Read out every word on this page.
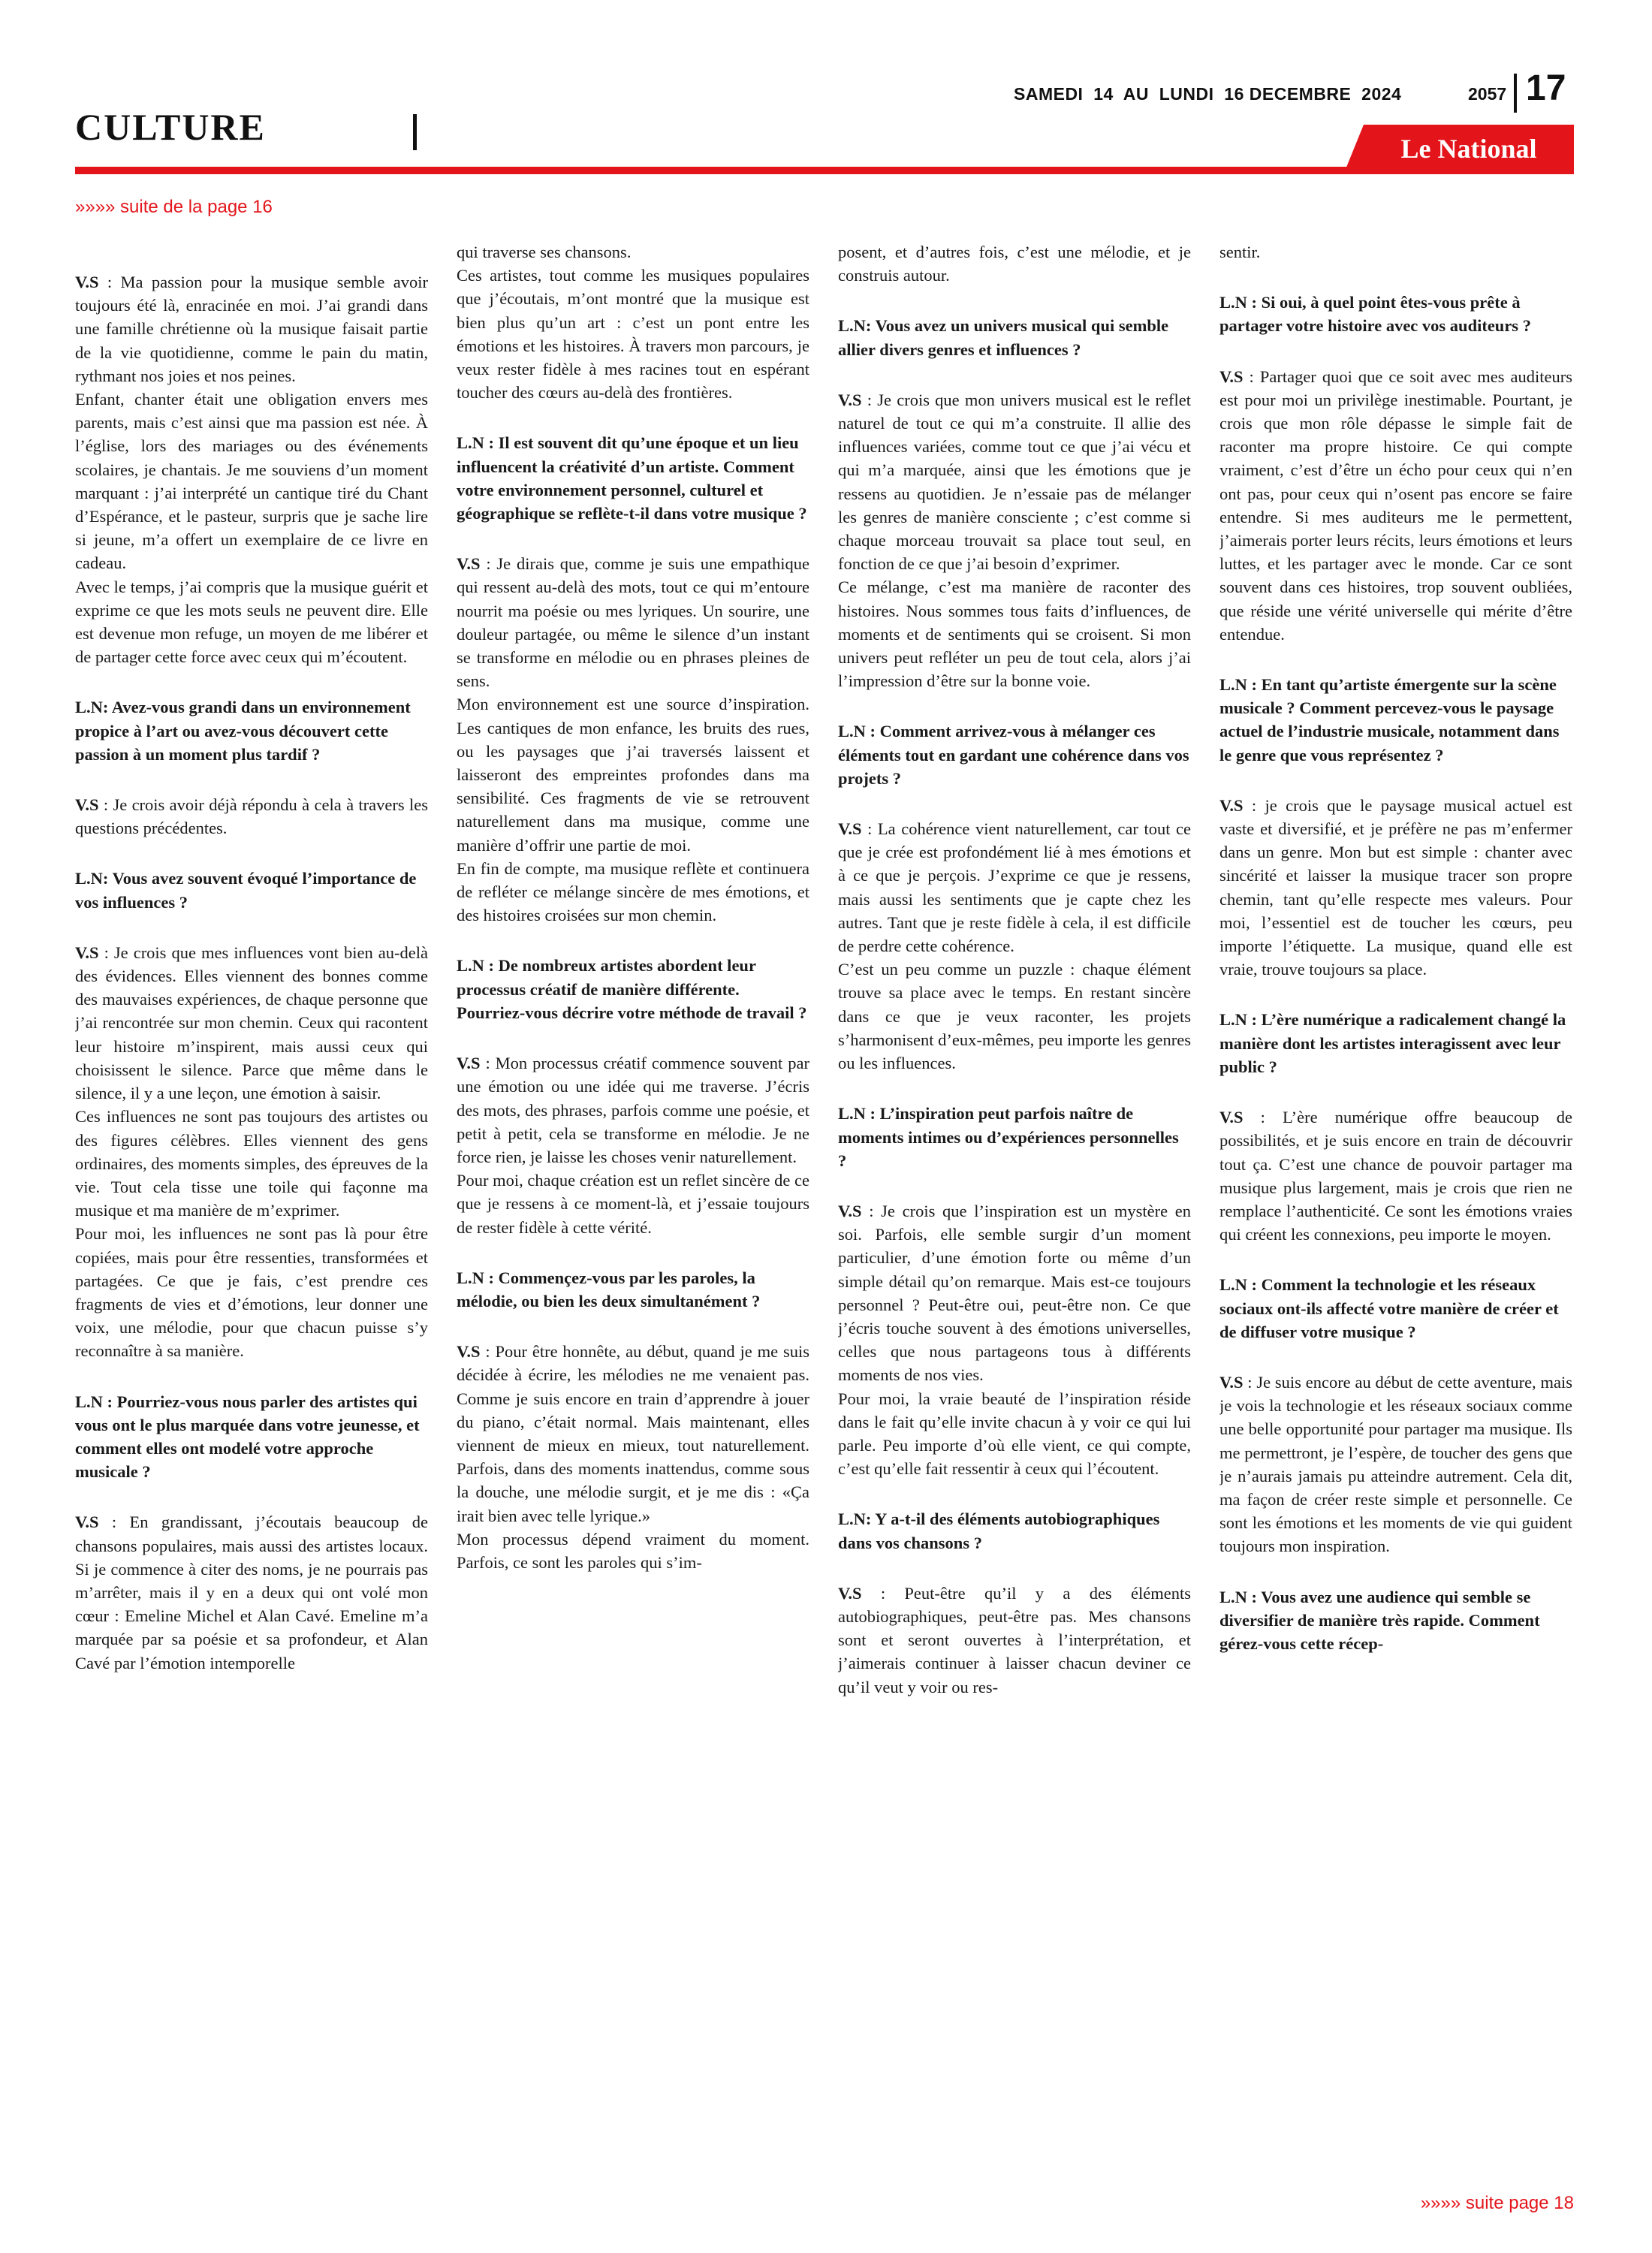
CULTURE
SAMEDI  14  AU  LUNDI  16 DECEMBRE  2024	2057 17
Le National
»»»» suite de la page 16

V.S : Ma passion pour la musique semble avoir toujours été là, enracinée en moi. J’ai grandi dans une famille chrétienne où la musique faisait partie de la vie quotidienne, comme le pain du matin, rythmant nos joies et nos peines.

Enfant, chanter était une obligation envers mes parents, mais c’est ainsi que ma passion est née. À l’église, lors des mariages ou des événements scolaires, je chantais. Je me souviens d’un moment marquant : j’ai interprété un cantique tiré du Chant d’Espérance, et le pasteur, surpris que je sache lire si jeune, m’a offert un exemplaire de ce livre en cadeau.

Avec le temps, j’ai compris que la musique guérit et exprime ce que les mots seuls ne peuvent dire. Elle est devenue mon refuge, un moyen de me libérer et de partager cette force avec ceux qui m’écoutent.

L.N: Avez-vous grandi dans un environnement propice à l’art ou avez-vous découvert cette passion à un moment plus tardif ?

V.S : Je crois avoir déjà répondu à cela à travers les questions précédentes.

L.N: Vous avez souvent évoqué l’importance de vos influences ?

V.S : Je crois que mes influences vont bien au-delà des évidences. Elles viennent des bonnes comme des mauvaises expériences, de chaque personne que j’ai rencontrée sur mon chemin. Ceux qui racontent leur histoire m’inspirent, mais aussi ceux qui choisissent le silence. Parce que même dans le silence, il y a une leçon, une émotion à saisir.

Ces influences ne sont pas toujours des artistes ou des figures célèbres. Elles viennent des gens ordinaires, des moments simples, des épreuves de la vie. Tout cela tisse une toile qui façonne ma musique et ma manière de m’exprimer.

Pour moi, les influences ne sont pas là pour être copiées, mais pour être ressenties, transformées et partagées. Ce que je fais, c’est prendre ces fragments de vies et d’émotions, leur donner une voix, une mélodie, pour que chacun puisse s’y reconnaître à sa manière.

L.N : Pourriez-vous nous parler des artistes qui vous ont le plus marquée dans votre jeunesse, et comment elles ont modelé votre approche musicale ?

V.S : En grandissant, j’écoutais beaucoup de chansons populaires, mais aussi des artistes locaux. Si je commence à citer des noms, je ne pourrais pas m’arrêter, mais il y en a deux qui ont volé mon cœur : Emeline Michel et Alan Cavé. Emeline m’a marquée par sa poésie et sa profondeur, et Alan Cavé par l’émotion intemporelle

qui traverse ses chansons.

Ces artistes, tout comme les musiques populaires que j’écoutais, m’ont montré que la musique est bien plus qu’un art : c’est un pont entre les émotions et les histoires. À travers mon parcours, je veux rester fidèle à mes racines tout en espérant toucher des cœurs au-delà des frontières.

L.N : Il est souvent dit qu’une époque et un lieu influencent la créativité d’un artiste. Comment votre environnement personnel, culturel et géographique se reflète-t-il dans votre musique ?

V.S : Je dirais que, comme je suis une empathique qui ressent au-delà des mots, tout ce qui m’entoure nourrit ma poésie ou mes lyriques. Un sourire, une douleur partagée, ou même le silence d’un instant se transforme en mélodie ou en phrases pleines de sens.

Mon environnement est une source d’inspiration. Les cantiques de mon enfance, les bruits des rues, ou les paysages que j’ai traversés laissent et laisseront des empreintes profondes dans ma sensibilité. Ces fragments de vie se retrouvent naturellement dans ma musique, comme une manière d’offrir une partie de moi.

En fin de compte, ma musique reflète et continuera de refléter ce mélange sincère de mes émotions, et des histoires croisées sur mon chemin.

L.N : De nombreux artistes abordent leur processus créatif de manière différente. Pourriez-vous décrire votre méthode de travail ?

V.S : Mon processus créatif commence souvent par une émotion ou une idée qui me traverse. J’écris des mots, des phrases, parfois comme une poésie, et petit à petit, cela se transforme en mélodie. Je ne force rien, je laisse les choses venir naturellement.

Pour moi, chaque création est un reflet sincère de ce que je ressens à ce moment-là, et j’essaie toujours de rester fidèle à cette vérité.

L.N : Commençez-vous par les paroles, la mélodie, ou bien les deux simultanément ?

V.S : Pour être honnête, au début, quand je me suis décidée à écrire, les mélodies ne me venaient pas. Comme je suis encore en train d’apprendre à jouer du piano, c’était normal. Mais maintenant, elles viennent de mieux en mieux, tout naturellement. Parfois, dans des moments inattendus, comme sous la douche, une mélodie surgit, et je me dis : «Ça irait bien avec telle lyrique.»

Mon processus dépend vraiment du moment. Parfois, ce sont les paroles qui s’im-

posent, et d’autres fois, c’est une mélodie, et je construis autour.

L.N: Vous avez un univers musical qui semble allier divers genres et influences ?

V.S : Je crois que mon univers musical est le reflet naturel de tout ce qui m’a construite. Il allie des influences variées, comme tout ce que j’ai vécu et qui m’a marquée, ainsi que les émotions que je ressens au quotidien. Je n’essaie pas de mélanger les genres de manière consciente ; c’est comme si chaque morceau trouvait sa place tout seul, en fonction de ce que j’ai besoin d’exprimer.

Ce mélange, c’est ma manière de raconter des histoires. Nous sommes tous faits d’influences, de moments et de sentiments qui se croisent. Si mon univers peut refléter un peu de tout cela, alors j’ai l’impression d’être sur la bonne voie.

L.N : Comment arrivez-vous à mélanger ces éléments tout en gardant une cohérence dans vos projets ?

V.S : La cohérence vient naturellement, car tout ce que je crée est profondément lié à mes émotions et à ce que je perçois. J’exprime ce que je ressens, mais aussi les sentiments que je capte chez les autres. Tant que je reste fidèle à cela, il est difficile de perdre cette cohérence.

C’est un peu comme un puzzle : chaque élément trouve sa place avec le temps. En restant sincère dans ce que je veux raconter, les projets s’harmonisent d’eux-mêmes, peu importe les genres ou les influences.

L.N : L’inspiration peut parfois naître de moments intimes ou d’expériences personnelles ?

V.S : Je crois que l’inspiration est un mystère en soi. Parfois, elle semble surgir d’un moment particulier, d’une émotion forte ou même d’un simple détail qu’on remarque. Mais est-ce toujours personnel ? Peut-être oui, peut-être non. Ce que j’écris touche souvent à des émotions universelles, celles que nous partageons tous à différents moments de nos vies.

Pour moi, la vraie beauté de l’inspiration réside dans le fait qu’elle invite chacun à y voir ce qui lui parle. Peu importe d’où elle vient, ce qui compte, c’est qu’elle fait ressentir à ceux qui l’écoutent.

L.N: Y a-t-il des éléments autobiographiques dans vos chansons ?

V.S : Peut-être qu’il y a des éléments autobiographiques, peut-être pas. Mes chansons sont et seront ouvertes à l’interprétation, et j’aimerais continuer à laisser chacun deviner ce qu’il veut y voir ou res-

sentir.

L.N : Si oui, à quel point êtes-vous prête à partager votre histoire avec vos auditeurs ?

V.S : Partager quoi que ce soit avec mes auditeurs est pour moi un privilège inestimable. Pourtant, je crois que mon rôle dépasse le simple fait de raconter ma propre histoire. Ce qui compte vraiment, c’est d’être un écho pour ceux qui n’en ont pas, pour ceux qui n’osent pas encore se faire entendre. Si mes auditeurs me le permettent, j’aimerais porter leurs récits, leurs émotions et leurs luttes, et les partager avec le monde. Car ce sont souvent dans ces histoires, trop souvent oubliées, que réside une vérité universelle qui mérite d’être entendue.

L.N : En tant qu’artiste émergente sur la scène musicale ? Comment percevez-vous le paysage actuel de l’industrie musicale, notamment dans le genre que vous représentez ?

V.S : je crois que le paysage musical actuel est vaste et diversifié, et je préfère ne pas m’enfermer dans un genre. Mon but est simple : chanter avec sincérité et laisser la musique tracer son propre chemin, tant qu’elle respecte mes valeurs. Pour moi, l’essentiel est de toucher les cœurs, peu importe l’étiquette. La musique, quand elle est vraie, trouve toujours sa place.

L.N : L’ère numérique a radicalement changé la manière dont les artistes interagissent avec leur public ?

V.S : L’ère numérique offre beaucoup de possibilités, et je suis encore en train de découvrir tout ça. C’est une chance de pouvoir partager ma musique plus largement, mais je crois que rien ne remplace l’authenticité. Ce sont les émotions vraies qui créent les connexions, peu importe le moyen.

L.N : Comment la technologie et les réseaux sociaux ont-ils affecté votre manière de créer et de diffuser votre musique ?

V.S : Je suis encore au début de cette aventure, mais je vois la technologie et les réseaux sociaux comme une belle opportunité pour partager ma musique. Ils me permettront, je l’espère, de toucher des gens que je n’aurais jamais pu atteindre autrement. Cela dit, ma façon de créer reste simple et personnelle. Ce sont les émotions et les moments de vie qui guident toujours mon inspiration.

L.N : Vous avez une audience qui semble se diversifier de manière très rapide. Comment gérez-vous cette récep-

»»»» suite page 18
